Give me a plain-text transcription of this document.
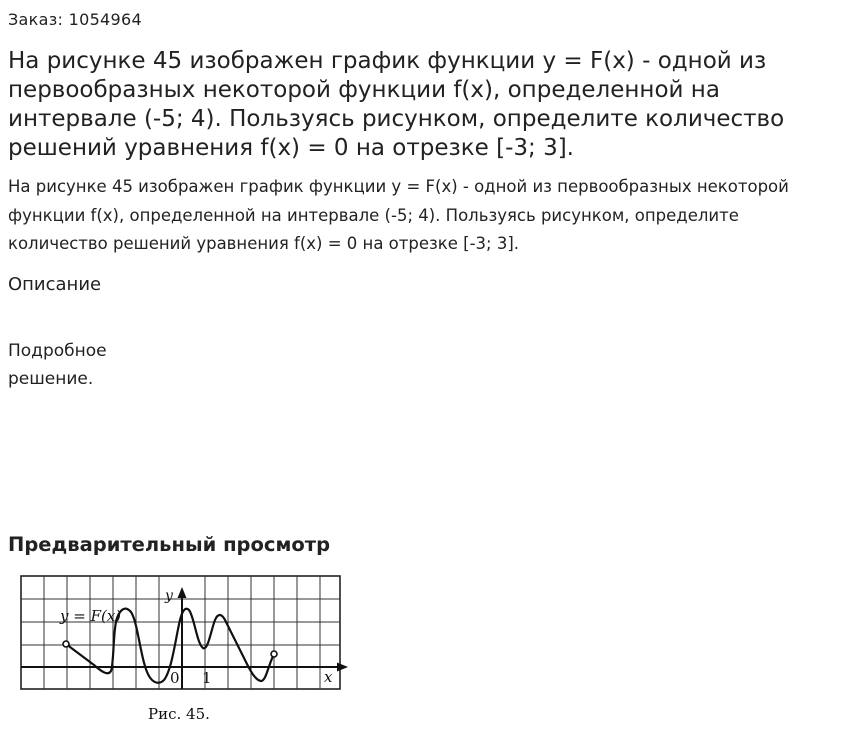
Заказ: 1054964
На рисунке 45 изображен график функции y = F(x) - одной из первообразных некоторой функции f(x), определенной на интервале (-5; 4). Пользуясь рисунком, определите количество решений уравнения f(x) = 0 на отрезке [-3; 3].
На рисунке 45 изображен график функции y = F(x) - одной из первообразных некоторой функции f(x), определенной на интервале (-5; 4). Пользуясь рисунком, определите количество решений уравнения f(x) = 0 на отрезке [-3; 3].
Описание
Подробное решение.
Предварительный просмотр
y = F(x)
y
x
0 1
Рис. 45.
